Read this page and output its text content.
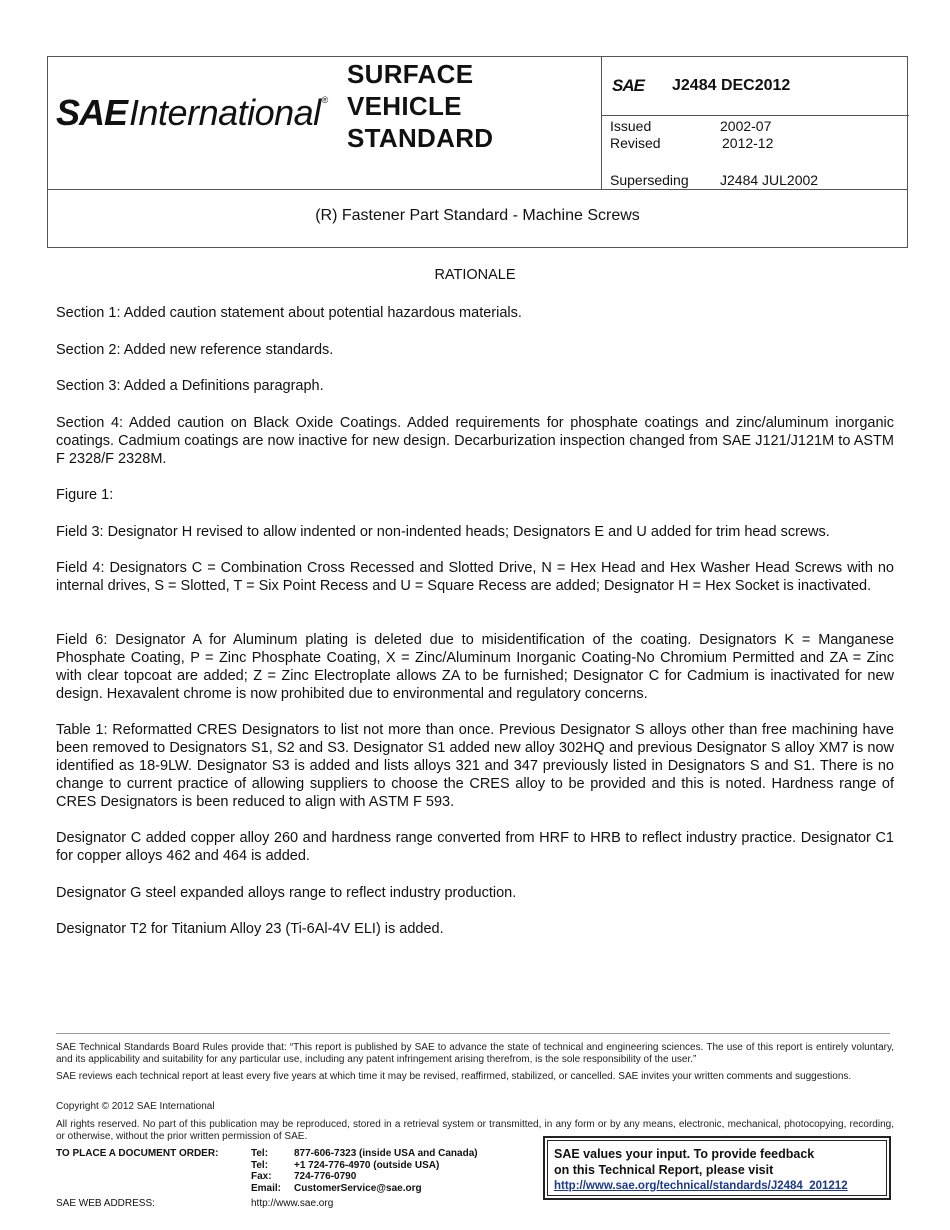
SAE International ®
SURFACE
VEHICLE
STANDARD
SAE J2484 DEC2012
Issued	2002-07
Revised	2012-12
Superseding J2484 JUL2002
(R) Fastener Part Standard - Machine Screws
RATIONALE

Section 1: Added caution statement about potential hazardous materials.

Section 2: Added new reference standards.

Section 3: Added a Definitions paragraph.

Section 4: Added caution on Black Oxide Coatings. Added requirements for phosphate coatings and zinc/aluminum inorganic coatings. Cadmium coatings are now inactive for new design. Decarburization inspection changed from SAE J121/J121M to ASTM F 2328/F 2328M.

Figure 1:

Field 3: Designator H revised to allow indented or non-indented heads; Designators E and U added for trim head screws.

Field 4: Designators C = Combination Cross Recessed and Slotted Drive, N = Hex Head and Hex Washer Head Screws with no internal drives, S = Slotted, T = Six Point Recess and U = Square Recess are added; Designator H = Hex Socket is inactivated.

Field 6: Designator A for Aluminum plating is deleted due to misidentification of the coating. Designators K = Manganese Phosphate Coating, P = Zinc Phosphate Coating, X = Zinc/Aluminum Inorganic Coating-No Chromium Permitted and ZA = Zinc with clear topcoat are added; Z = Zinc Electroplate allows ZA to be furnished; Designator C for Cadmium is inactivated for new design. Hexavalent chrome is now prohibited due to environmental and regulatory concerns.

Table 1: Reformatted CRES Designators to list not more than once. Previous Designator S alloys other than free machining have been removed to Designators S1, S2 and S3. Designator S1 added new alloy 302HQ and previous Designator S alloy XM7 is now identified as 18-9LW. Designator S3 is added and lists alloys 321 and 347 previously listed in Designators S and S1. There is no change to current practice of allowing suppliers to choose the CRES alloy to be provided and this is noted. Hardness range of CRES Designators is been reduced to align with ASTM F 593.

Designator C added copper alloy 260 and hardness range converted from HRF to HRB to reflect industry practice. Designator C1 for copper alloys 462 and 464 is added.

Designator G steel expanded alloys range to reflect industry production.

Designator T2 for Titanium Alloy 23 (Ti-6Al-4V ELI) is added.

SAE Technical Standards Board Rules provide that: “This report is published by SAE to advance the state of technical and engineering sciences. The use of this report is entirely voluntary, and its applicability and suitability for any particular use, including any patent infringement arising therefrom, is the sole responsibility of the user.”

SAE reviews each technical report at least every five years at which time it may be revised, reaffirmed, stabilized, or cancelled. SAE invites your written comments and suggestions.

Copyright © 2012 SAE International

All rights reserved. No part of this publication may be reproduced, stored in a retrieval system or transmitted, in any form or by any means, electronic, mechanical, photocopying, recording, or otherwise, without the prior written permission of SAE.

TO PLACE A DOCUMENT ORDER:	Tel:	877-606-7323 (inside USA and Canada)
Tel:	+1 724-776-4970 (outside USA)
Fax: 724-776-0790
Email: CustomerService@sae.org
SAE WEB ADDRESS:	http://www.sae.org
SAE values your input. To provide feedback
on this Technical Report, please visit
http://www.sae.org/technical/standards/J2484_201212
